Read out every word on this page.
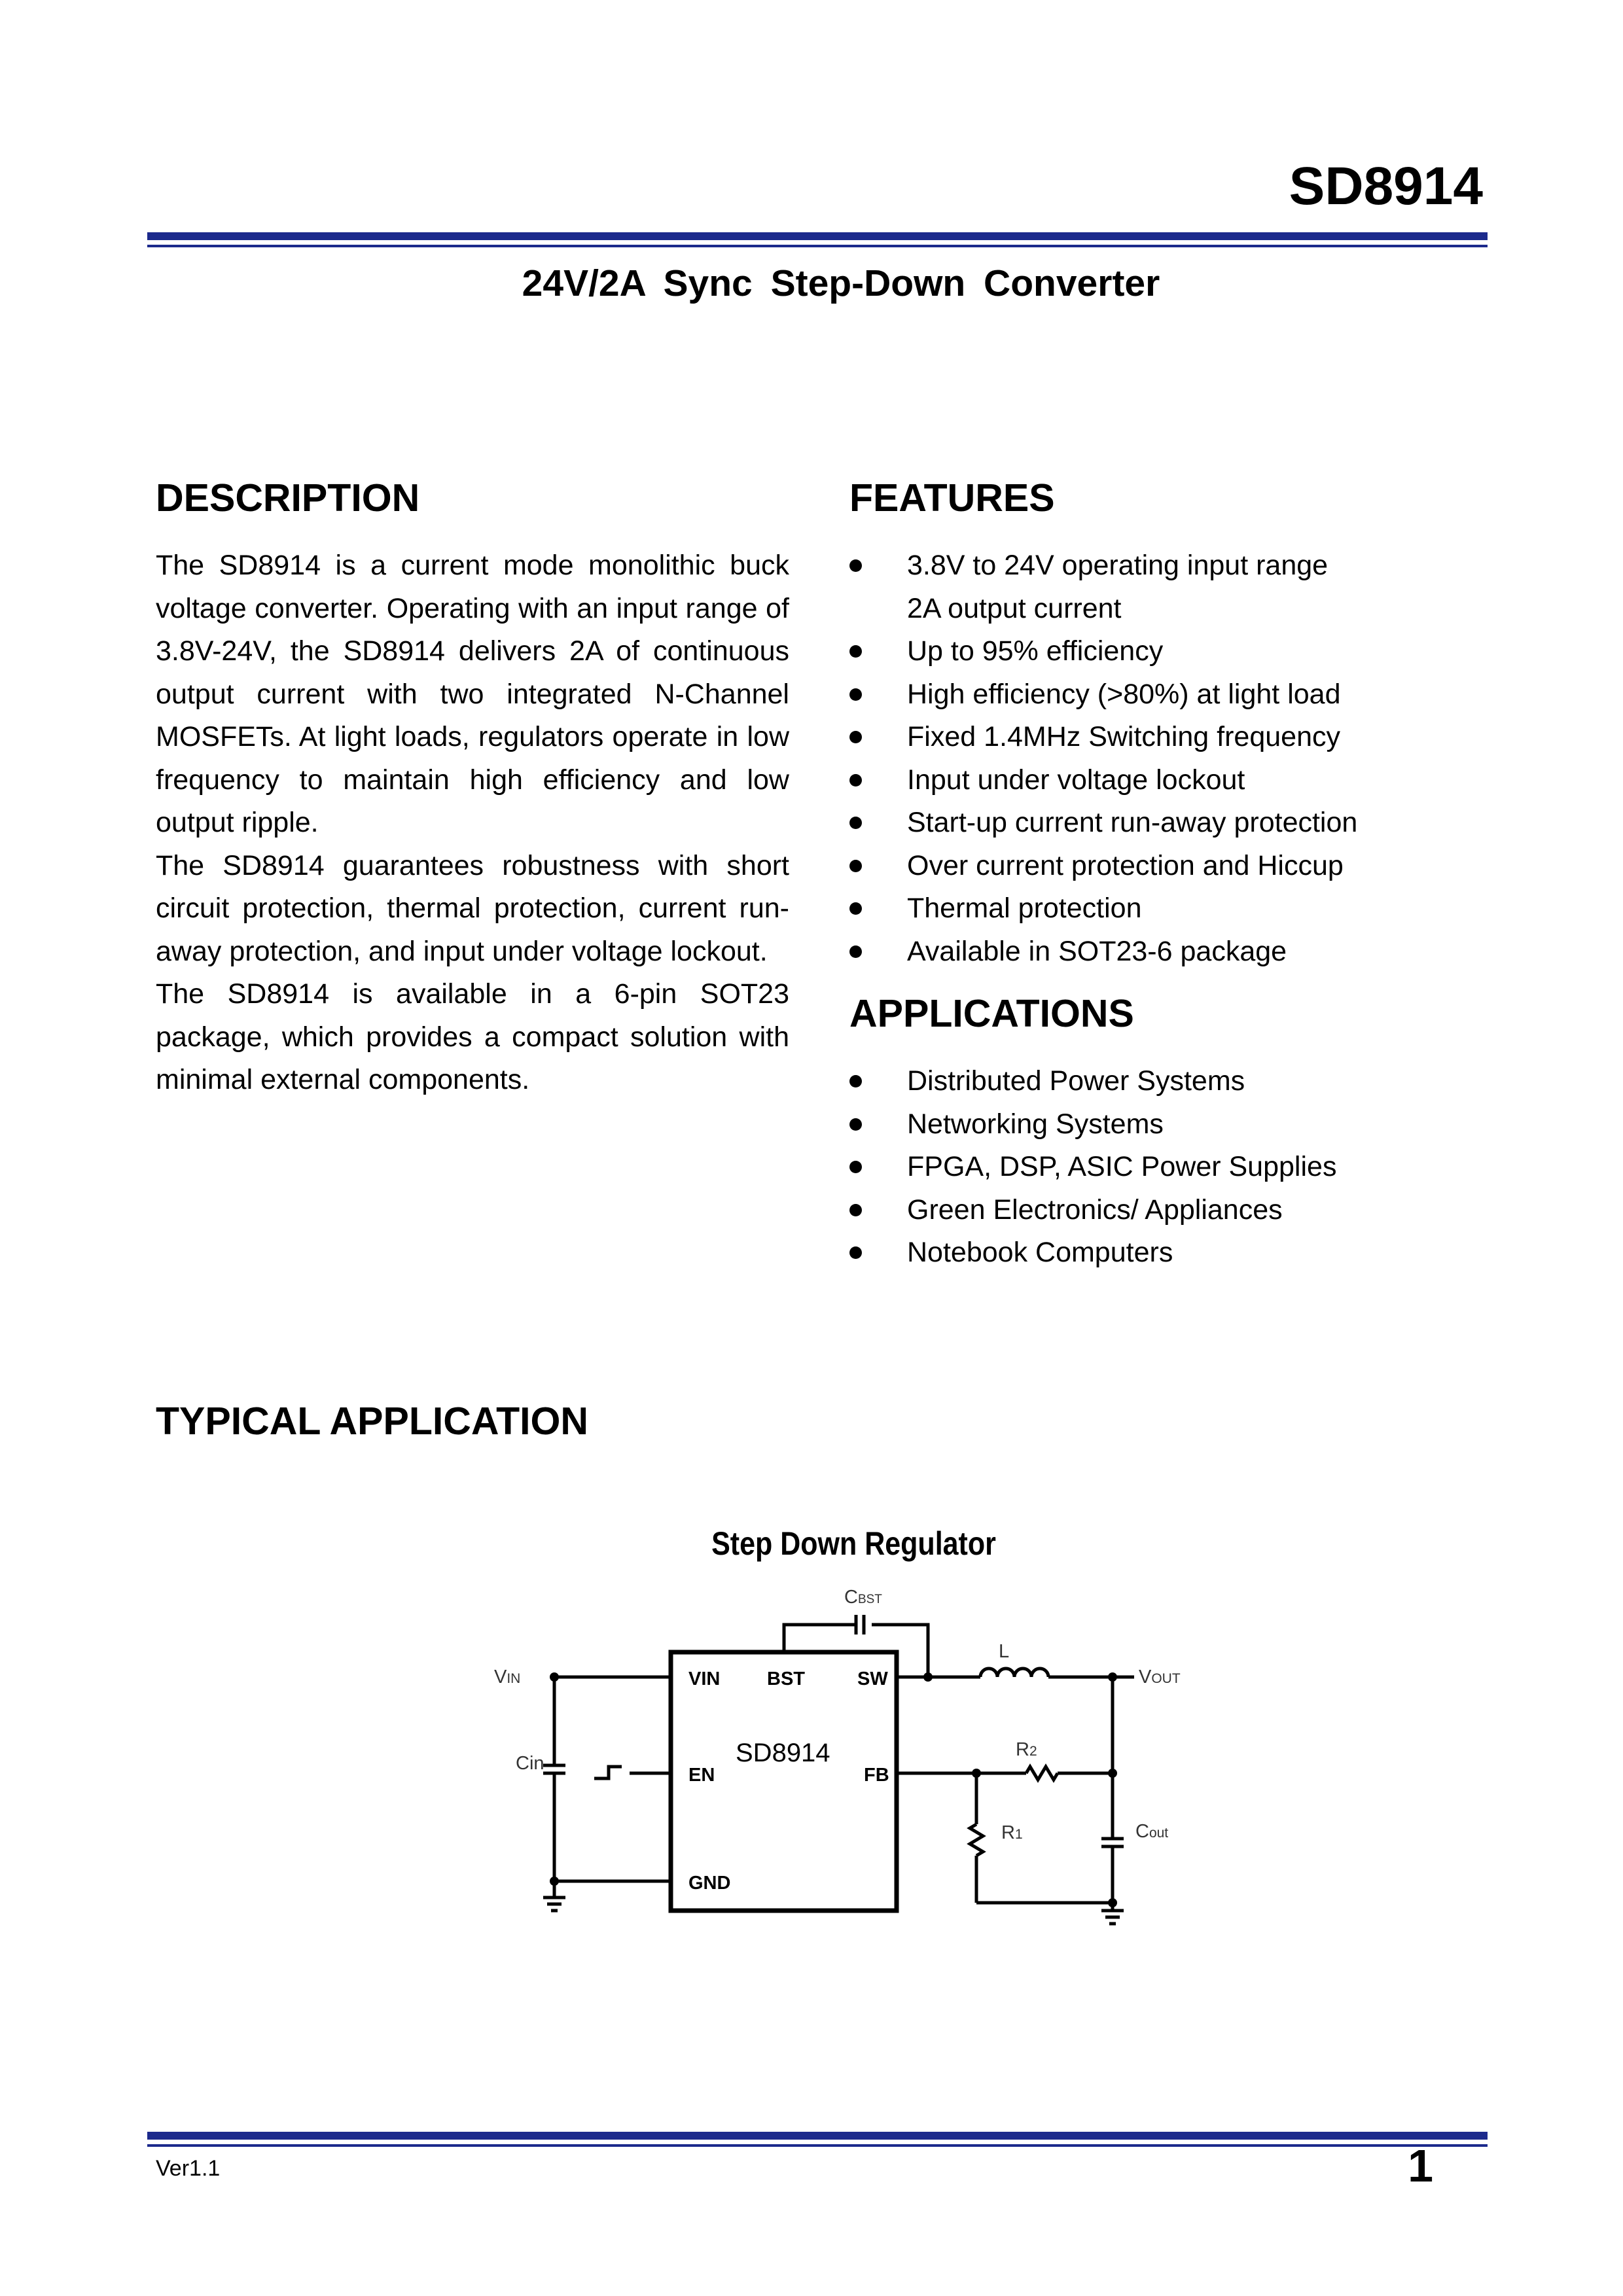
SD8914
24V/2A Sync Step-Down Converter
DESCRIPTION

The SD8914 is a current mode monolithic buck voltage converter. Operating with an input range of 3.8V-24V, the SD8914 delivers 2A of continuous output current with two integrated N-Channel MOSFETs. At light loads, regulators operate in low frequency to maintain high efficiency and low output ripple.

The SD8914 guarantees robustness with short circuit protection, thermal protection, current run-away protection, and input under voltage lockout.

The SD8914 is available in a 6-pin SOT23 package, which provides a compact solution with minimal external components.

FEATURES
3.8V to 24V operating input range
2A output current
Up to 95% efficiency
High efficiency (>80%) at light load
Fixed 1.4MHz Switching frequency
Input under voltage lockout
Start-up current run-away protection
Over current protection and Hiccup
Thermal protection
Available in SOT23-6 package
APPLICATIONS
Distributed Power Systems
Networking Systems
FPGA, DSP, ASIC Power Supplies
Green Electronics/ Appliances
Notebook Computers
TYPICAL APPLICATION
Step Down Regulator
VIN BST	SW
EN	FB
GND
SD8914
VIN	VOUT
CBST
Cin
L
R2
R1	Cout
Ver1.1	1
